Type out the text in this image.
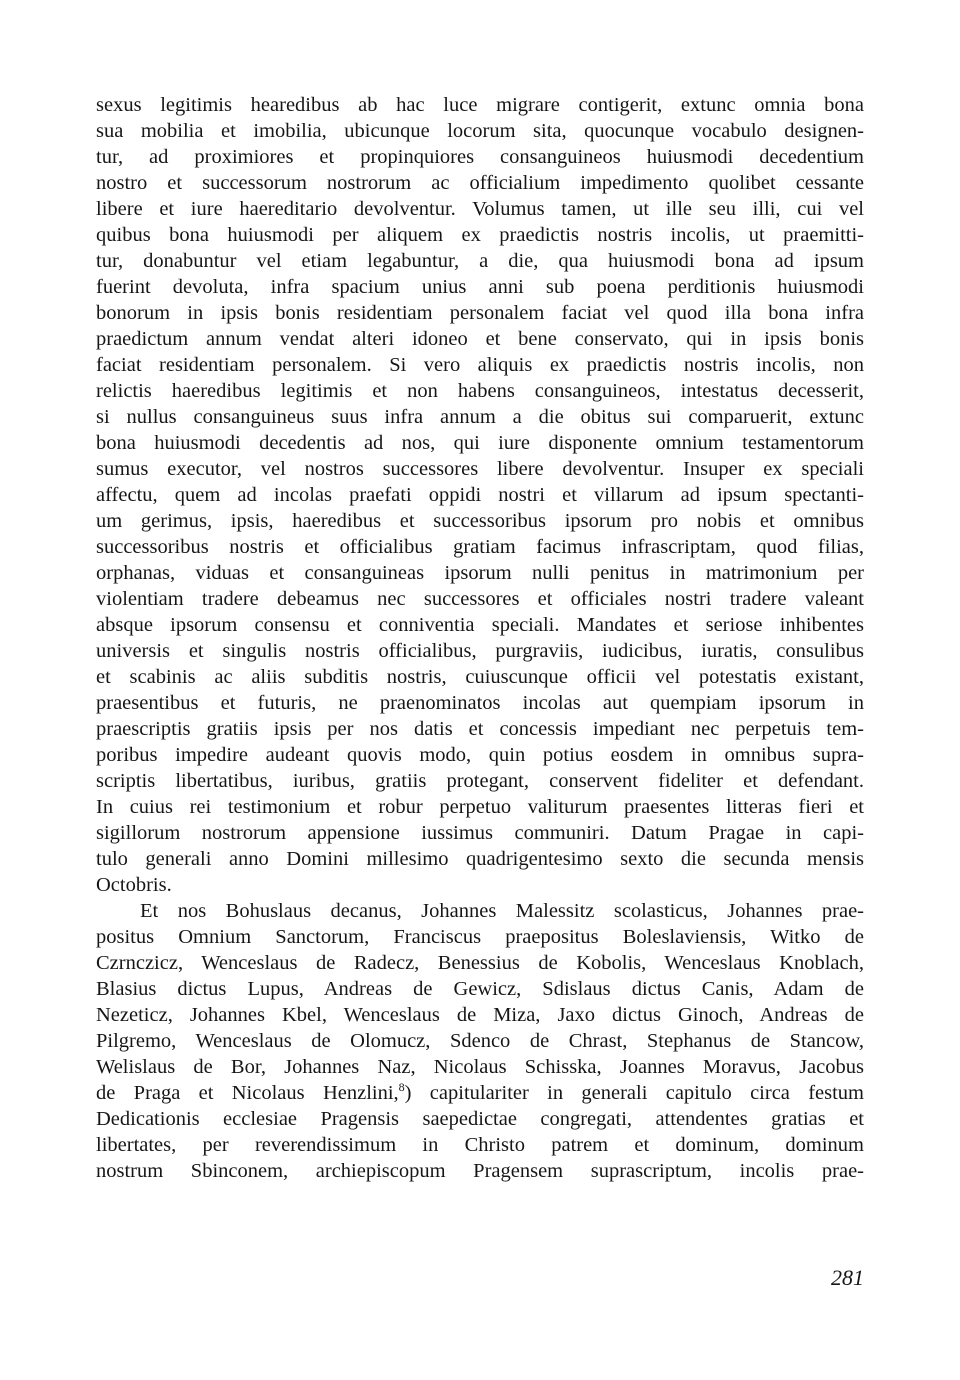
sexus legitimis hearedibus ab hac luce migrare contigerit, extunc omnia bona
sua mobilia et imobilia, ubicunque locorum sita, quocunque vocabulo designen-
tur, ad proximiores et propinquiores consanguineos huiusmodi decedentium
nostro et successorum nostrorum ac officialium impedimento quolibet cessante
libere et iure haereditario devolventur. Volumus tamen, ut ille seu illi, cui vel
quibus bona huiusmodi per aliquem ex praedictis nostris incolis, ut praemitti-
tur, donabuntur vel etiam legabuntur, a die, qua huiusmodi bona ad ipsum
fuerint devoluta, infra spacium unius anni sub poena perditionis huiusmodi
bonorum in ipsis bonis residentiam personalem faciat vel quod illa bona infra
praedictum annum vendat alteri idoneo et bene conservato, qui in ipsis bonis
faciat residentiam personalem. Si vero aliquis ex praedictis nostris incolis, non
relictis haeredibus legitimis et non habens consanguineos, intestatus decesserit,
si nullus consanguineus suus infra annum a die obitus sui comparuerit, extunc
bona huiusmodi decedentis ad nos, qui iure disponente omnium testamentorum
sumus executor, vel nostros successores libere devolventur. Insuper ex speciali
affectu, quem ad incolas praefati oppidi nostri et villarum ad ipsum spectanti-
um gerimus, ipsis, haeredibus et successoribus ipsorum pro nobis et omnibus
successoribus nostris et officialibus gratiam facimus infrascriptam, quod filias,
orphanas, viduas et consanguineas ipsorum nulli penitus in matrimonium per
violentiam tradere debeamus nec successores et officiales nostri tradere valeant
absque ipsorum consensu et conniventia speciali. Mandates et seriose inhibentes
universis et singulis nostris officialibus, purgraviis, iudicibus, iuratis, consulibus
et scabinis ac aliis subditis nostris, cuiuscunque officii vel potestatis existant,
praesentibus et futuris, ne praenominatos incolas aut quempiam ipsorum in
praescriptis gratiis ipsis per nos datis et concessis impediant nec perpetuis tem-
poribus impedire audeant quovis modo, quin potius eosdem in omnibus supra-
scriptis libertatibus, iuribus, gratiis protegant, conservent fideliter et defendant.
In cuius rei testimonium et robur perpetuo valiturum praesentes litteras fieri et
sigillorum nostrorum appensione iussimus communiri. Datum Pragae in capi-
tulo generali anno Domini millesimo quadrigentesimo sexto die secunda mensis
Octobris.
Et nos Bohuslaus decanus, Johannes Malessitz scolasticus, Johannes prae-
positus Omnium Sanctorum, Franciscus praepositus Boleslaviensis, Witko de
Czrnczicz, Wenceslaus de Radecz, Benessius de Kobolis, Wenceslaus Knoblach,
Blasius dictus Lupus, Andreas de Gewicz, Sdislaus dictus Canis, Adam de
Nezeticz, Johannes Kbel, Wenceslaus de Miza, Jaxo dictus Ginoch, Andreas de
Pilgremo, Wenceslaus de Olomucz, Sdenco de Chrast, Stephanus de Stancow,
Welislaus de Bor, Johannes Naz, Nicolaus Schisska, Joannes Moravus, Jacobus
de Praga et Nicolaus Henzlini,$^8$) capitulariter in generali capitulo circa festum
Dedicationis ecclesiae Pragensis saepedictae congregati, attendentes gratias et
libertates, per reverendissimum in Christo patrem et dominum, dominum
nostrum Sbinconem, archiepiscopum Pragensem suprascriptum, incolis prae-
281
